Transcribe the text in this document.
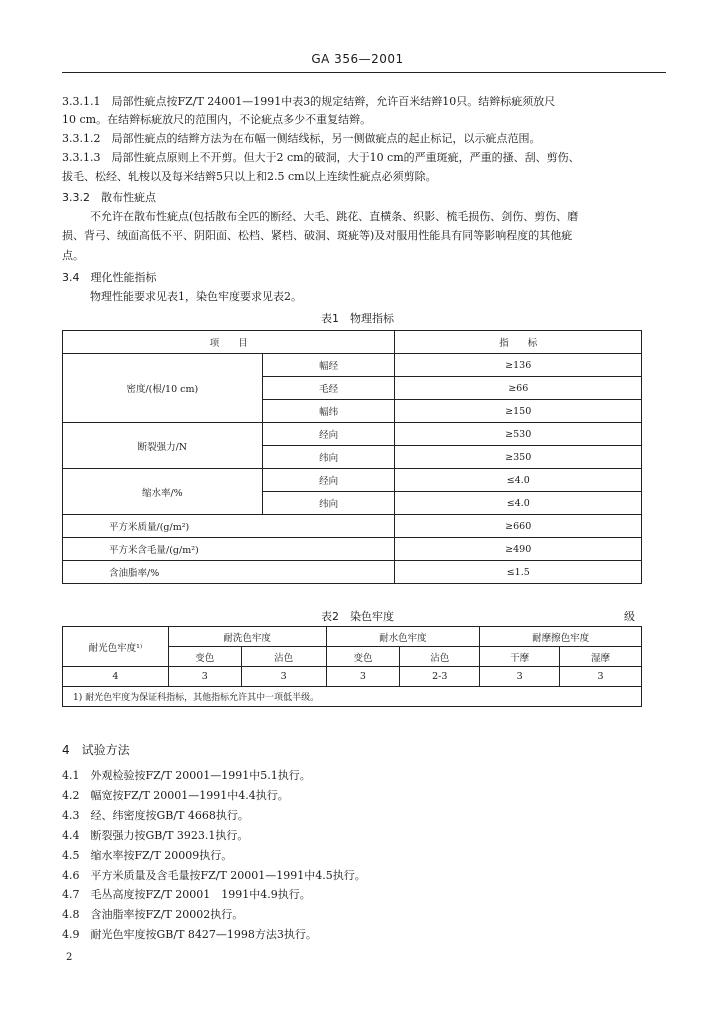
GA 356—2001
3.3.1.1　局部性疵点按FZ/T 24001—1991中表3的规定结辫，允许百米结辫10只。结辫标疵须放尺
10 cm。在结辫标疵放尺的范围内，不论疵点多少不重复结辫。
3.3.1.2　局部性疵点的结辫方法为在布幅一侧结线标，另一侧做疵点的起止标记，以示疵点范围。
3.3.1.3　局部性疵点原则上不开剪。但大于2 cm的破洞，大于10 cm的严重斑疵，严重的搔、刮、剪伤、
拔毛、松经、轧梭以及每米结辫5只以上和2.5 cm以上连续性疵点必须剪除。
3.3.2　散布性疵点
不允许在散布性疵点(包括散布全匹的断经、大毛、跳花、直横条、织影、梳毛损伤、剑伤、剪伤、磨
损、背弓、绒面高低不平、阴阳面、松档、紧档、破洞、斑疵等)及对服用性能具有同等影响程度的其他疵
点。
3.4　理化性能指标
物理性能要求见表1，染色牢度要求见表2。
表1　物理指标
项　　目		指　　标
密度/(根/10 cm)	幅经	≥136
	毛经	≥66
	幅纬	≥150
断裂强力/N	经向	≥530
	纬向	≥350
缩水率/%	经向	≤4.0
	纬向	≤4.0
平方米质量/(g/m²)		≥660
平方米含毛量/(g/m²)		≥490
含油脂率/%		≤1.5
表2　染色牢度	级
耐光色牢度¹⁾	耐洗色牢度		耐水色牢度		耐摩擦色牢度	
	变色	沾色	变色	沾色	干摩	湿摩
4	3	3	3	2-3	3	3
1) 耐光色牢度为保证科指标，其他指标允许其中一项低半级。						
4　试验方法
4.1　外观检验按FZ/T 20001—1991中5.1执行。
4.2　幅宽按FZ/T 20001—1991中4.4执行。
4.3　经、纬密度按GB/T 4668执行。
4.4　断裂强力按GB/T 3923.1执行。
4.5　缩水率按FZ/T 20009执行。
4.6　平方米质量及含毛量按FZ/T 20001—1991中4.5执行。
4.7　毛丛高度按FZ/T 20001　1991中4.9执行。
4.8　含油脂率按FZ/T 20002执行。
4.9　耐光色牢度按GB/T 8427—1998方法3执行。
2
